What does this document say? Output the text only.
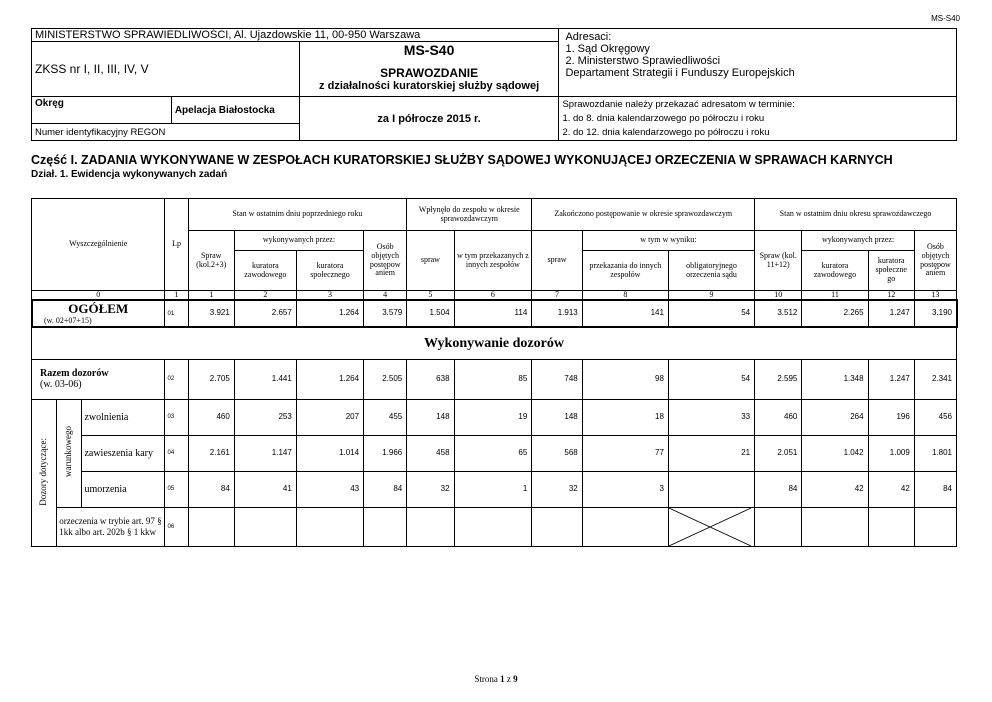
MS-S40
MINISTERSTWO SPRAWIEDLIWOŚCI, Al. Ujazdowskie 11, 00-950 Warszawa			Adresaci:
1. Sąd Okręgowy
2. Ministerstwo Sprawiedliwości
Departament Strategii i Funduszy Europejskich

ZKSS nr I, II, III, IV, V		MS-S40
SPRAWOZDANIE
z działalności kuratorskiej służby sądowej	

Okręg	Apelacja Białostocka	za I półrocze 2015 r.	Sprawozdanie należy przekazać adresatom w terminie:
1. do 8. dnia kalendarzowego po półroczu i roku
2. do 12. dnia kalendarzowego po półroczu i roku

Numer identyfikacyjny REGON			
Część I. ZADANIA WYKONYWANE W ZESPOŁACH KURATORSKIEJ SŁUŻBY SĄDOWEJ WYKONUJĄCEJ ORZECZENIA W SPRAWACH KARNYCH
Dział. 1. Ewidencja wykonywanych zadań
Wyszczególnienie			Lp	Stan w ostatnim dniu poprzedniego roku				Wpłynęło do zespołu w okresie sprawozdawczym		Zakończono postępowanie w okresie sprawozdawczym			Stan w ostatnim dniu okresu sprawozdawczego			
				Spraw (kol.2+3)	wykonywanych przez:		Osób objętych postępow aniem	spraw	w tym przekazanych z innych zespołów	spraw	w tym w wyniku:		Spraw (kol. 11+12)	wykonywanych przez:		Osób objętych postępow aniem
					kuratora zawodowego	kuratora społecznego					przekazania do innych zespołów	obligatoryjnego orzeczenia sądu		kuratora zawodowego	kuratora społeczne go	
0			1	1	2	3	4	5	6	7	8	9	10	11	12	13

OGÓŁEM
(w. 02+07+15)			01	3.921	2.657	1.264	3.579	1.504	114	1.913	141	54	3.512	2.265	1.247	3.190
Wykonywanie dozorów																

Razem dozorów
(w. 03-06)			02	2.705	1.441	1.264	2.505	638	85	748	98	54	2.595	1.348	1.247	2.341
Dozory dotyczące:	warunkowego	zwolnienia	03	460	253	207	455	148	19	148	18	33	460	264	196	456
		zawieszenia kary	04	2.161	1.147	1.014	1.966	458	65	568	77	21	2.051	1.042	1.009	1.801
		umorzenia	05	84	41	43	84	32	1	32	3		84	42	42	84
	orzeczenia w trybie art. 97 § 1kk albo art. 202b § 1 kkw		06									

Strona 1 z 9
